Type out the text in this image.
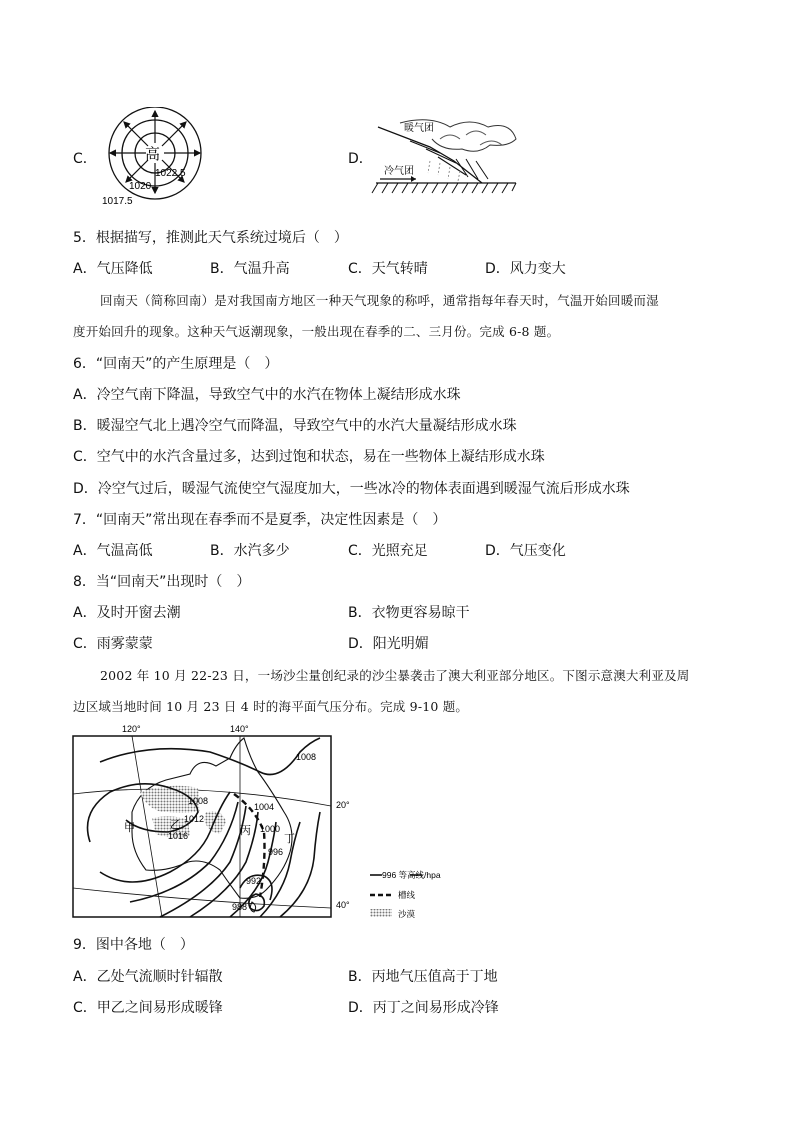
C．	高
1022.5
1020
1017.5
D．
暖气团
冷气团
5．根据描写，推测此天气系统过境后（　）
A．气压降低	B．气温升高	C．天气转晴	D．风力变大
回南天（简称回南）是对我国南方地区一种天气现象的称呼，通常指每年春天时，气温开始回暖而湿
度开始回升的现象。这种天气返潮现象，一般出现在春季的二、三月份。完成 6-8 题。
6．“回南天”的产生原理是（　）
A．冷空气南下降温，导致空气中的水汽在物体上凝结形成水珠
B．暖湿空气北上遇冷空气而降温，导致空气中的水汽大量凝结形成水珠
C．空气中的水汽含量过多，达到过饱和状态，易在一些物体上凝结形成水珠
D．冷空气过后，暖湿气流使空气湿度加大，一些冰冷的物体表面遇到暖湿气流后形成水珠
7．“回南天”常出现在春季而不是夏季，决定性因素是（　）
A．气温高低	B．水汽多少	C．光照充足	D．气压变化
8．当“回南天”出现时（　）
A．及时开窗去潮	B．衣物更容易晾干
C．雨雾蒙蒙	D．阳光明媚
2002 年 10 月 22-23 日，一场沙尘量创纪录的沙尘暴袭击了澳大利亚部分地区。下图示意澳大利亚及周
边区域当地时间 10 月 23 日 4 时的海平面气压分布。完成 9-10 题。
120°	140°
20°
40°
1008
1008
1004
1012
1016
1000
996
992
988
甲	乙	丙
丁
996 等高线/hpa
槽线
沙漠
9．图中各地（　）
A．乙处气流顺时针辐散	B．丙地气压值高于丁地
C．甲乙之间易形成暖锋	D．丙丁之间易形成冷锋
